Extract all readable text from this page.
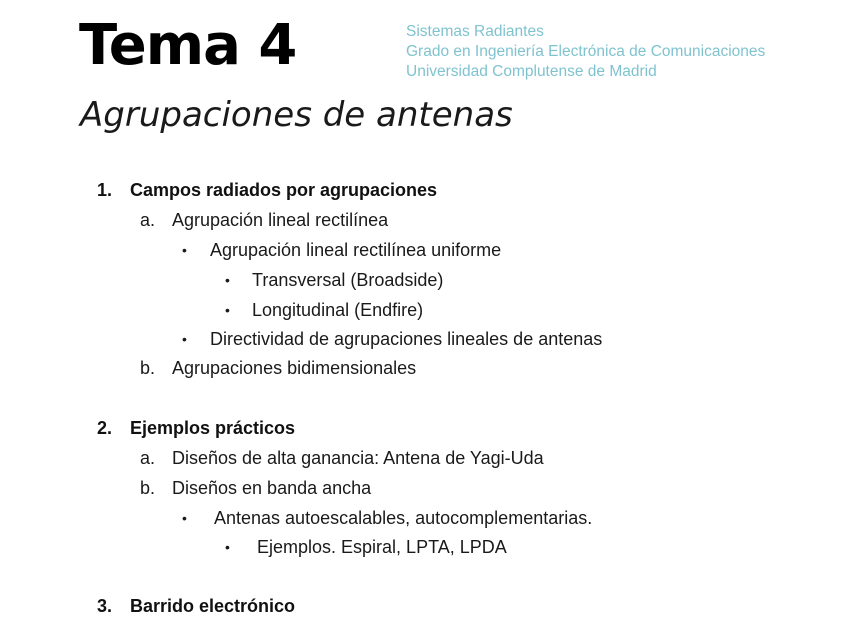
Tema 4
Agrupaciones de antenas
Sistemas Radiantes
Grado en Ingeniería Electrónica de Comunicaciones
Universidad Complutense de Madrid
1. Campos radiados por agrupaciones
a. Agrupación lineal rectilínea
• Agrupación lineal rectilínea uniforme
• Transversal (Broadside)
• Longitudinal (Endfire)
• Directividad de agrupaciones lineales de antenas
b. Agrupaciones bidimensionales
2. Ejemplos prácticos
a. Diseños de alta ganancia: Antena de Yagi-Uda
b. Diseños en banda ancha
• Antenas autoescalables, autocomplementarias.
• Ejemplos. Espiral, LPTA, LPDA
3. Barrido electrónico
